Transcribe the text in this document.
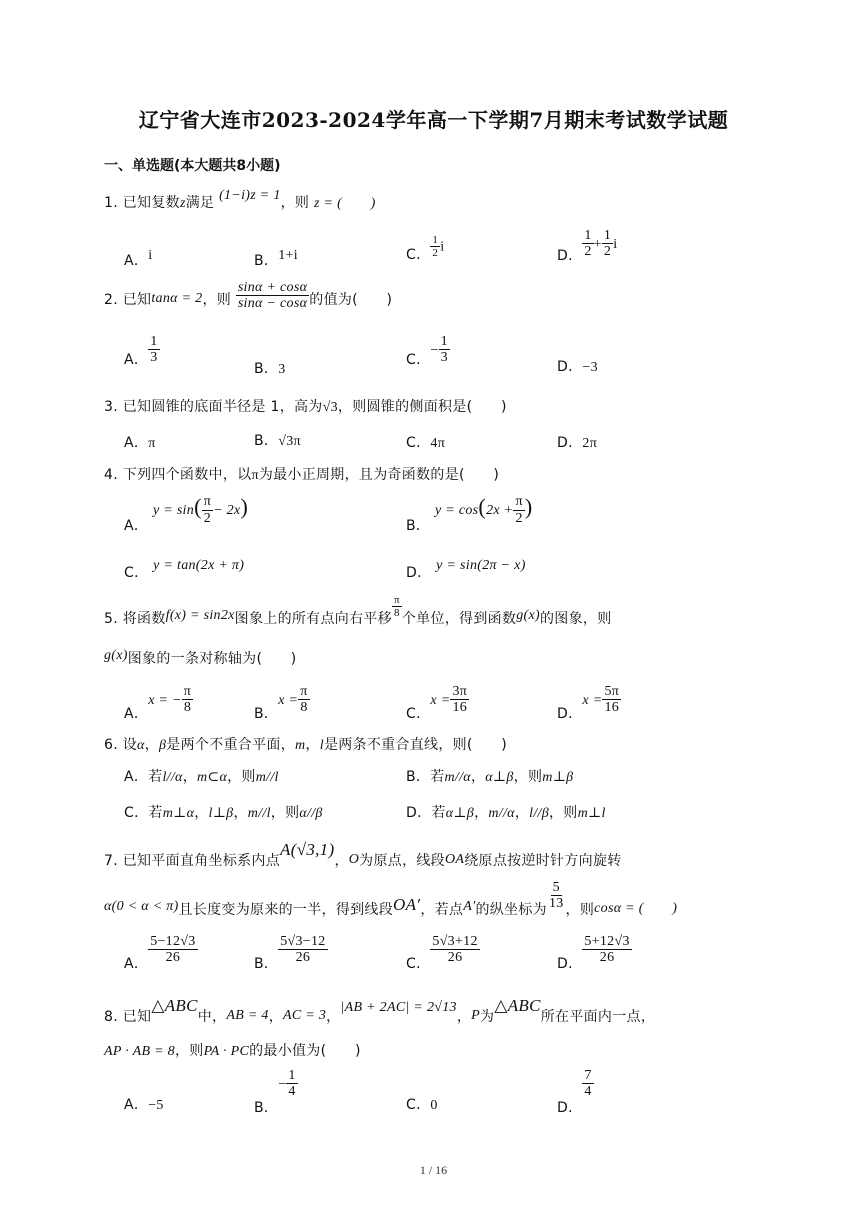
辽宁省大连市2023-2024学年高一下学期7月期末考试数学试题
一、单选题(本大题共8小题)
1. 已知复数z满足 (1−i)z = 1，则 z = (　　)
A．i	B．1+i	C． $\frac{1}{2}$ i
D． $\frac{1}{2} + \frac{1}{2}$ i
2. 已知tanα = 2，则 $\frac{\sin\alpha + \cos\alpha}{\sin\alpha - \cos\alpha}$ 的值为(　　)
A． $\frac{1}{3}$
B．3
C．− $\frac{1}{3}$
D．−3
3. 已知圆锥的底面半径是 1，高为√3，则圆锥的侧面积是(　　)
A．π	B．√3π	C．4π	D．2π
4. 下列四个函数中，以π为最小正周期，且为奇函数的是(　　)
A． $y = \sin( \frac{\pi}{2} - 2x)$
B． $y = \cos(2x + \frac{\pi}{2}$ )
C． y = tan(2x + π)	D． y = sin(2π − x)
5. 将函数f(x) = sin2x图象上的所有点向右平移 $\frac{\pi}{8}$ 个单位，得到函数g(x)的图象，则
g(x)图象的一条对称轴为(　　)
A．x = − $\frac{\pi}{8}$	B．$x = \frac{\pi}{8}$	C．$x = \frac{3\pi}{16}$	D．$x = \frac{5\pi}{16}$
6. 设α，β是两个不重合平面，m，l是两条不重合直线，则(　　)
A．若l//α，m⊂α，则m//l	B．若m//α，α⊥β，则m⊥β
C．若m⊥α，l⊥β，m//l，则α//β	D．若α⊥β，m//α，l//β，则m⊥l
7. 已知平面直角坐标系内点A(√3,1)，O为原点，线段OA绕原点按逆时针方向旋转
α(0 < α < π)且长度变为原来的一半，得到线段OA′，若点A′的纵坐标为 $\frac{5}{13}$ ，则cosα = (　　)
A． $\frac{5-12√3}{26}$	B． $\frac{5√3-12}{26}$	C． $\frac{5√3+12}{26}$	D． $\frac{5+12√3}{26}$
8. 已知△ABC中，AB = 4，AC = 3，|AB + 2AC| = 2√13，P为△ABC所在平面内一点，
AP · AB = 8，则PA · PC的最小值为(　　)
A．−5	B．− $\frac{1}{4}$
C．0	D．
$\frac{7}{4}$
1 / 16
